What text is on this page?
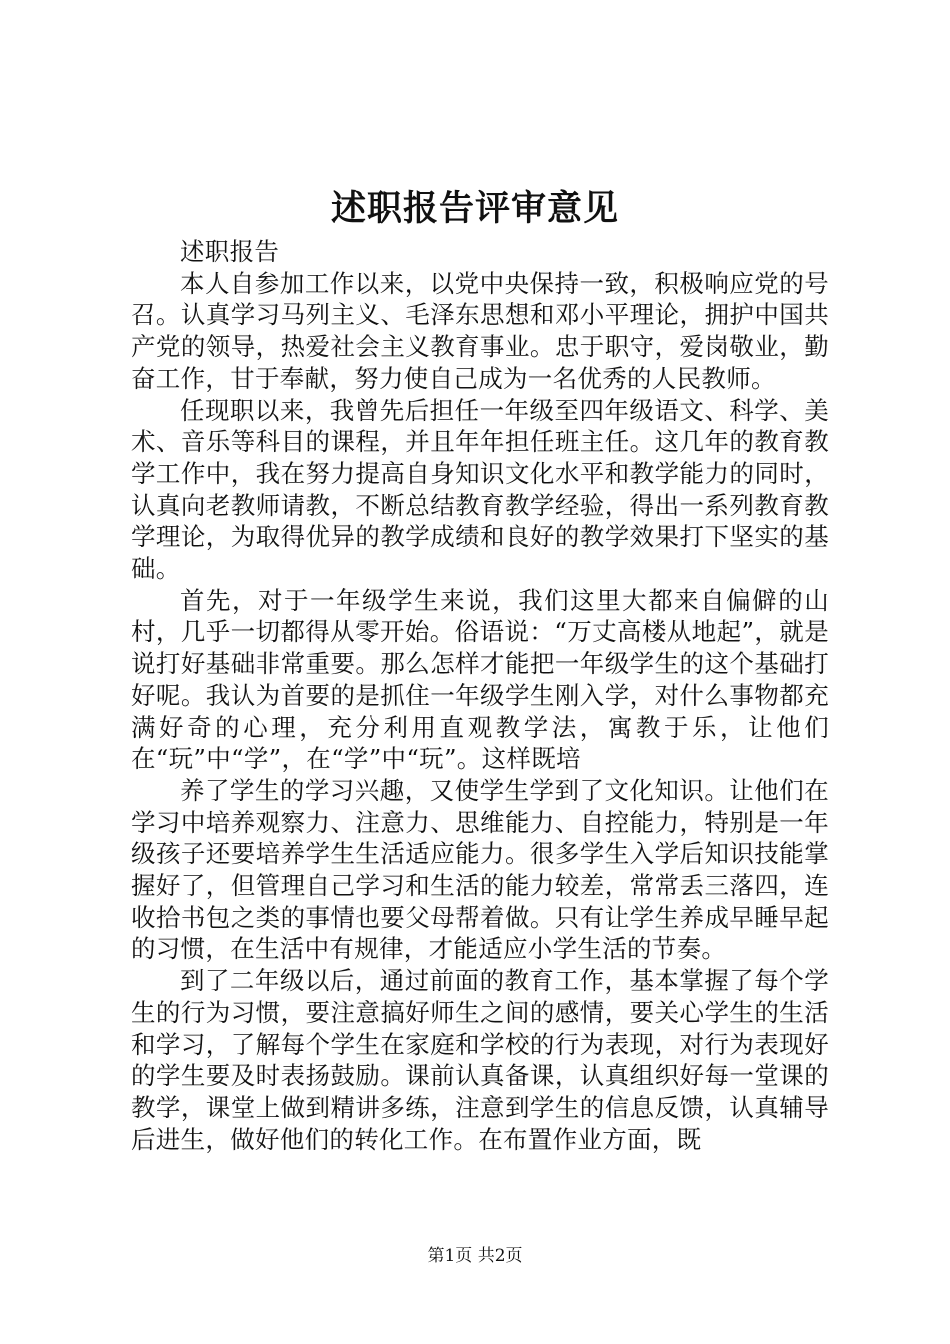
述职报告评审意见

述职报告

本人自参加工作以来，以党中央保持一致，积极响应党的号召。认真学习马列主义、毛泽东思想和邓小平理论，拥护中国共产党的领导，热爱社会主义教育事业。忠于职守，爱岗敬业，勤奋工作，甘于奉献，努力使自己成为一名优秀的人民教师。

任现职以来，我曾先后担任一年级至四年级语文、科学、美术、音乐等科目的课程，并且年年担任班主任。这几年的教育教学工作中，我在努力提高自身知识文化水平和教学能力的同时，认真向老教师请教，不断总结教育教学经验，得出一系列教育教学理论，为取得优异的教学成绩和良好的教学效果打下坚实的基础。

首先，对于一年级学生来说，我们这里大都来自偏僻的山村，几乎一切都得从零开始。俗语说：“万丈高楼从地起”，就是说打好基础非常重要。那么怎样才能把一年级学生的这个基础打好呢。我认为首要的是抓住一年级学生刚入学，对什么事物都充满好奇的心理，充分利用直观教学法，寓教于乐，让他们在“玩”中“学”，在“学”中“玩”。这样既培

养了学生的学习兴趣，又使学生学到了文化知识。让他们在学习中培养观察力、注意力、思维能力、自控能力，特别是一年级孩子还要培养学生生活适应能力。很多学生入学后知识技能掌握好了，但管理自己学习和生活的能力较差，常常丢三落四，连收拾书包之类的事情也要父母帮着做。只有让学生养成早睡早起的习惯，在生活中有规律，才能适应小学生活的节奏。

到了二年级以后，通过前面的教育工作，基本掌握了每个学生的行为习惯，要注意搞好师生之间的感情，要关心学生的生活和学习，了解每个学生在家庭和学校的行为表现，对行为表现好的学生要及时表扬鼓励。课前认真备课，认真组织好每一堂课的教学，课堂上做到精讲多练，注意到学生的信息反馈，认真辅导后进生，做好他们的转化工作。在布置作业方面，既

第1页 共2页
